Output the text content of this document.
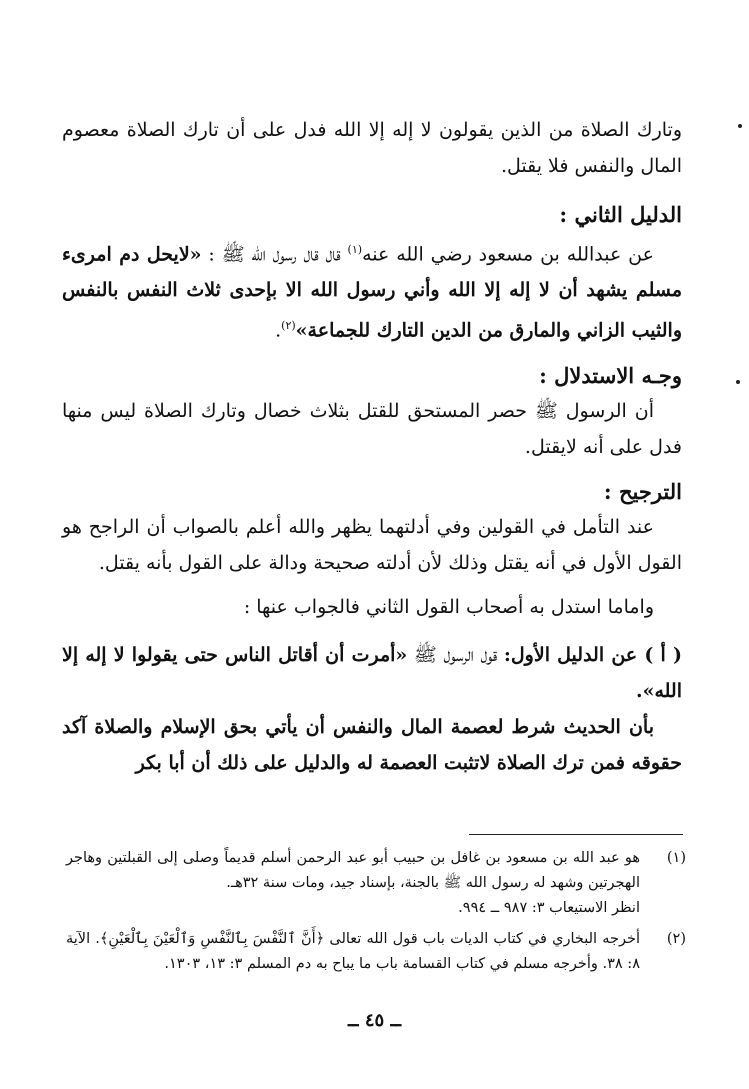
وتارك الصلاة من الذين يقولون لا إله إلا الله فدل على أن تارك الصلاة معصوم المال والنفس فلا يقتل.

الدليل الثاني :

عن عبدالله بن مسعود رضي الله عنه$^{(١)}$ قال قال رسول الله ﷺ : «لايحل دم امرىء مسلم يشهد أن لا إله إلا الله وأني رسول الله الا بإحدى ثلاث النفس بالنفس والثيب الزاني والمارق من الدين التارك للجماعة»$^{(٢)}$.

وجـه الاستدلال :

أن الرسول ﷺ حصر المستحق للقتل بثلاث خصال وتارك الصلاة ليس منها فدل على أنه لايقتل.

الترجيح :

عند التأمل في القولين وفي أدلتهما يظهر والله أعلم بالصواب أن الراجح هو القول الأول في أنه يقتل وذلك لأن أدلته صحيحة ودالة على القول بأنه يقتل.

واماما استدل به أصحاب القول الثاني فالجواب عنها :

( أ ) عن الدليل الأول: قول الرسول ﷺ «أمرت أن أقاتل الناس حتى يقولوا لا إله إلا الله».

بأن الحديث شرط لعصمة المال والنفس أن يأتي بحق الإسلام والصلاة آكد حقوقه فمن ترك الصلاة لاتثبت العصمة له والدليل على ذلك أن أبا بكر

(١)
هو عبد الله بن مسعود بن غافل بن حبيب أبو عبد الرحمن أسلم قديماً وصلى إلى القبلتين وهاجر الهجرتين وشهد له رسول الله ﷺ بالجنة، بإسناد جيد، ومات سنة ٣٢هـ.
انظر الاستيعاب ٣: ٩٨٧ ــ ٩٩٤.
(٢)
أخرجه البخاري في كتاب الديات باب قول الله تعالى ﴿أَنَّ ٱلنَّفْسَ بِٱلنَّفْسِ وَٱلْعَيْنَ بِٱلْعَيْنِ﴾. الآية ٨: ٣٨. وأخرجه مسلم في كتاب القسامة باب ما يباح به دم المسلم ٣: ١٣، ١٣٠٣.
ــ ٤٥ ــ
